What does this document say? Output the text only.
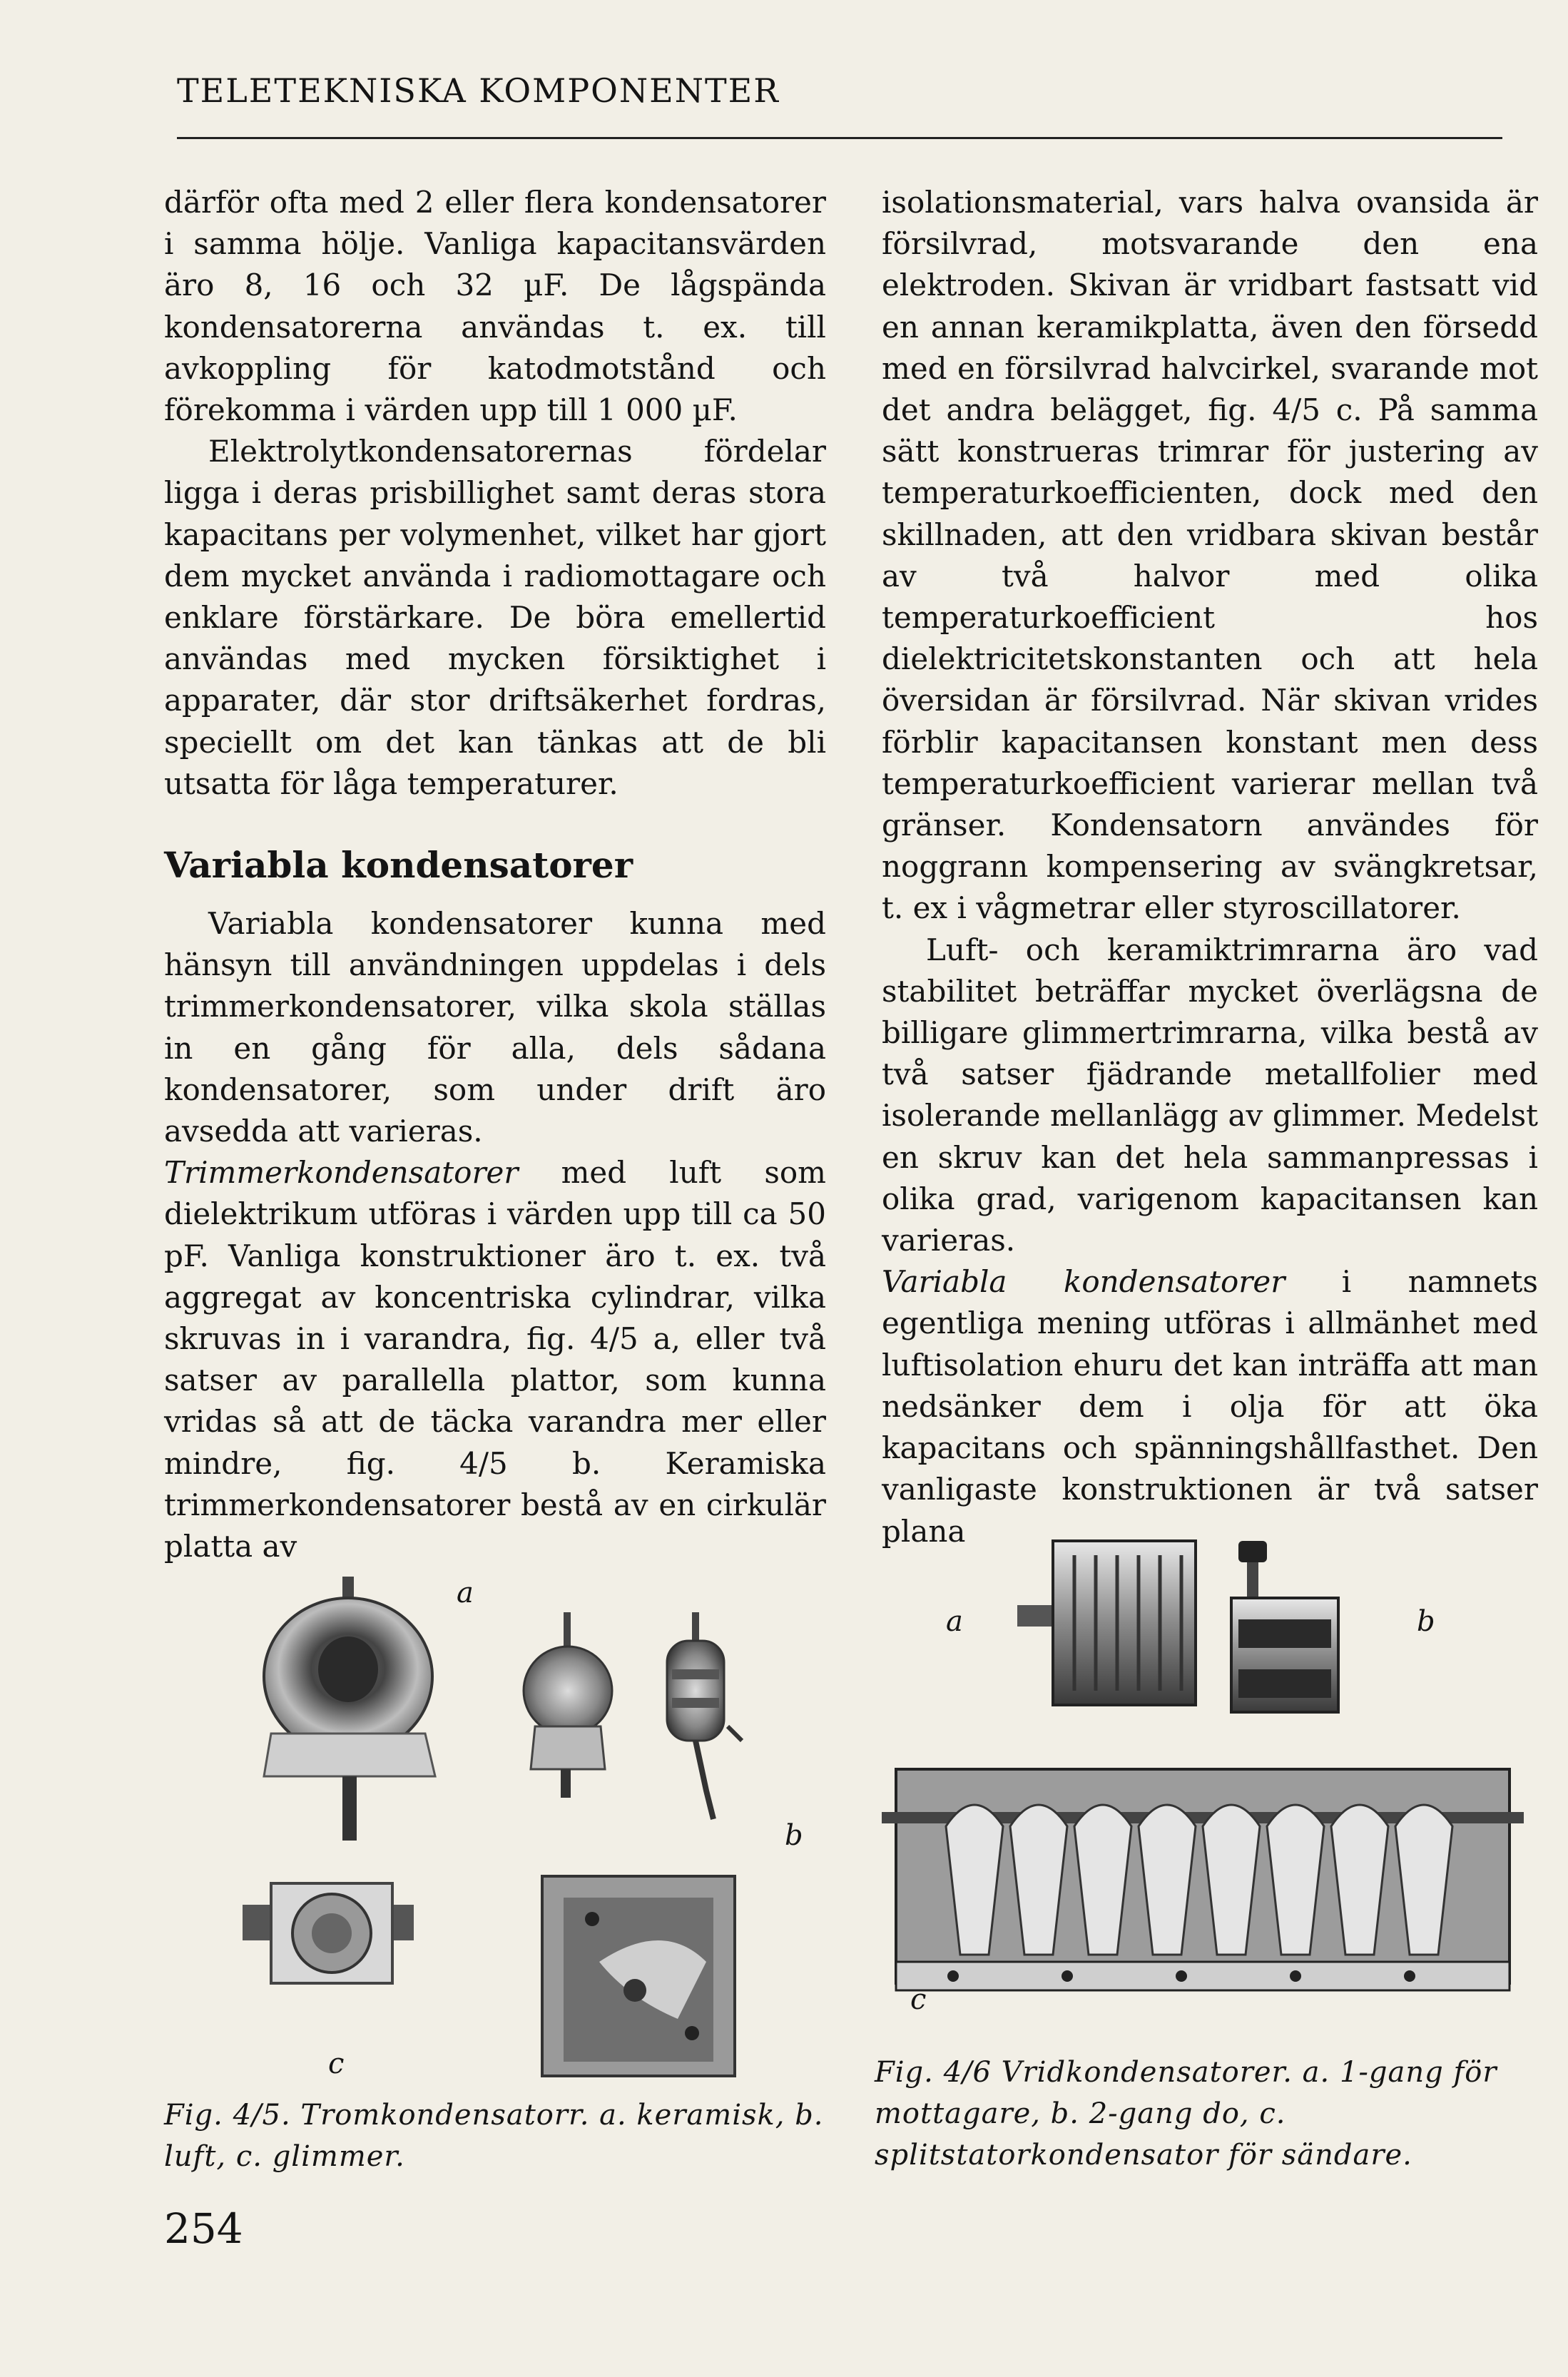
TELETEKNISKA KOMPONENTER

därför ofta med 2 eller flera kondensatorer i samma hölje. Vanliga kapacitansvärden äro 8, 16 och 32 µF. De lågspända kondensatorerna användas t. ex. till avkoppling för katodmotstånd och förekomma i värden upp till 1 000 µF.

Elektrolytkondensatorernas fördelar ligga i deras prisbillighet samt deras stora kapacitans per volymenhet, vilket har gjort dem mycket använda i radiomottagare och enklare förstärkare. De böra emellertid användas med mycken försiktighet i apparater, där stor driftsäkerhet fordras, speciellt om det kan tänkas att de bli utsatta för låga temperaturer.

Variabla kondensatorer

Variabla kondensatorer kunna med hänsyn till användningen uppdelas i dels trimmerkondensatorer, vilka skola ställas in en gång för alla, dels sådana kondensatorer, som under drift äro avsedda att varieras.

Trimmerkondensatorer med luft som dielektrikum utföras i värden upp till ca 50 pF. Vanliga konstruktioner äro t. ex. två aggregat av koncentriska cylindrar, vilka skruvas in i varandra, fig. 4/5 a, eller två satser av parallella plattor, som kunna vridas så att de täcka varandra mer eller mindre, fig. 4/5 b. Keramiska trimmerkondensatorer bestå av en cirkulär platta av

isolationsmaterial, vars halva ovansida är försilvrad, motsvarande den ena elektroden. Skivan är vridbart fastsatt vid en annan keramikplatta, även den försedd med en försilvrad halvcirkel, svarande mot det andra belägget, fig. 4/5 c. På samma sätt konstrueras trimrar för justering av temperaturkoefficienten, dock med den skillnaden, att den vridbara skivan består av två halvor med olika temperaturkoefficient hos dielektricitetskonstanten och att hela översidan är försilvrad. När skivan vrides förblir kapacitansen konstant men dess temperaturkoefficient varierar mellan två gränser. Kondensatorn användes för noggrann kompensering av svängkretsar, t. ex i vågmetrar eller styroscillatorer.

Luft- och keramiktrimrarna äro vad stabilitet beträffar mycket överlägsna de billigare glimmertrimrarna, vilka bestå av två satser fjädrande metallfolier med isolerande mellanlägg av glimmer. Medelst en skruv kan det hela sammanpressas i olika grad, varigenom kapacitansen kan varieras.

Variabla kondensatorer i namnets egentliga mening utföras i allmänhet med luftisolation ehuru det kan inträffa att man nedsänker dem i olja för att öka kapacitans och spänningshållfasthet. Den vanligaste konstruktionen är två satser plana

a
b
c
Fig. 4/5. Tromkondensatorr. a. keramisk, b. luft, c. glimmer.
a	b
c
Fig. 4/6 Vridkondensatorer. a. 1-gang för mottagare, b. 2-gang do, c. splitstatorkondensator för sändare.
254
